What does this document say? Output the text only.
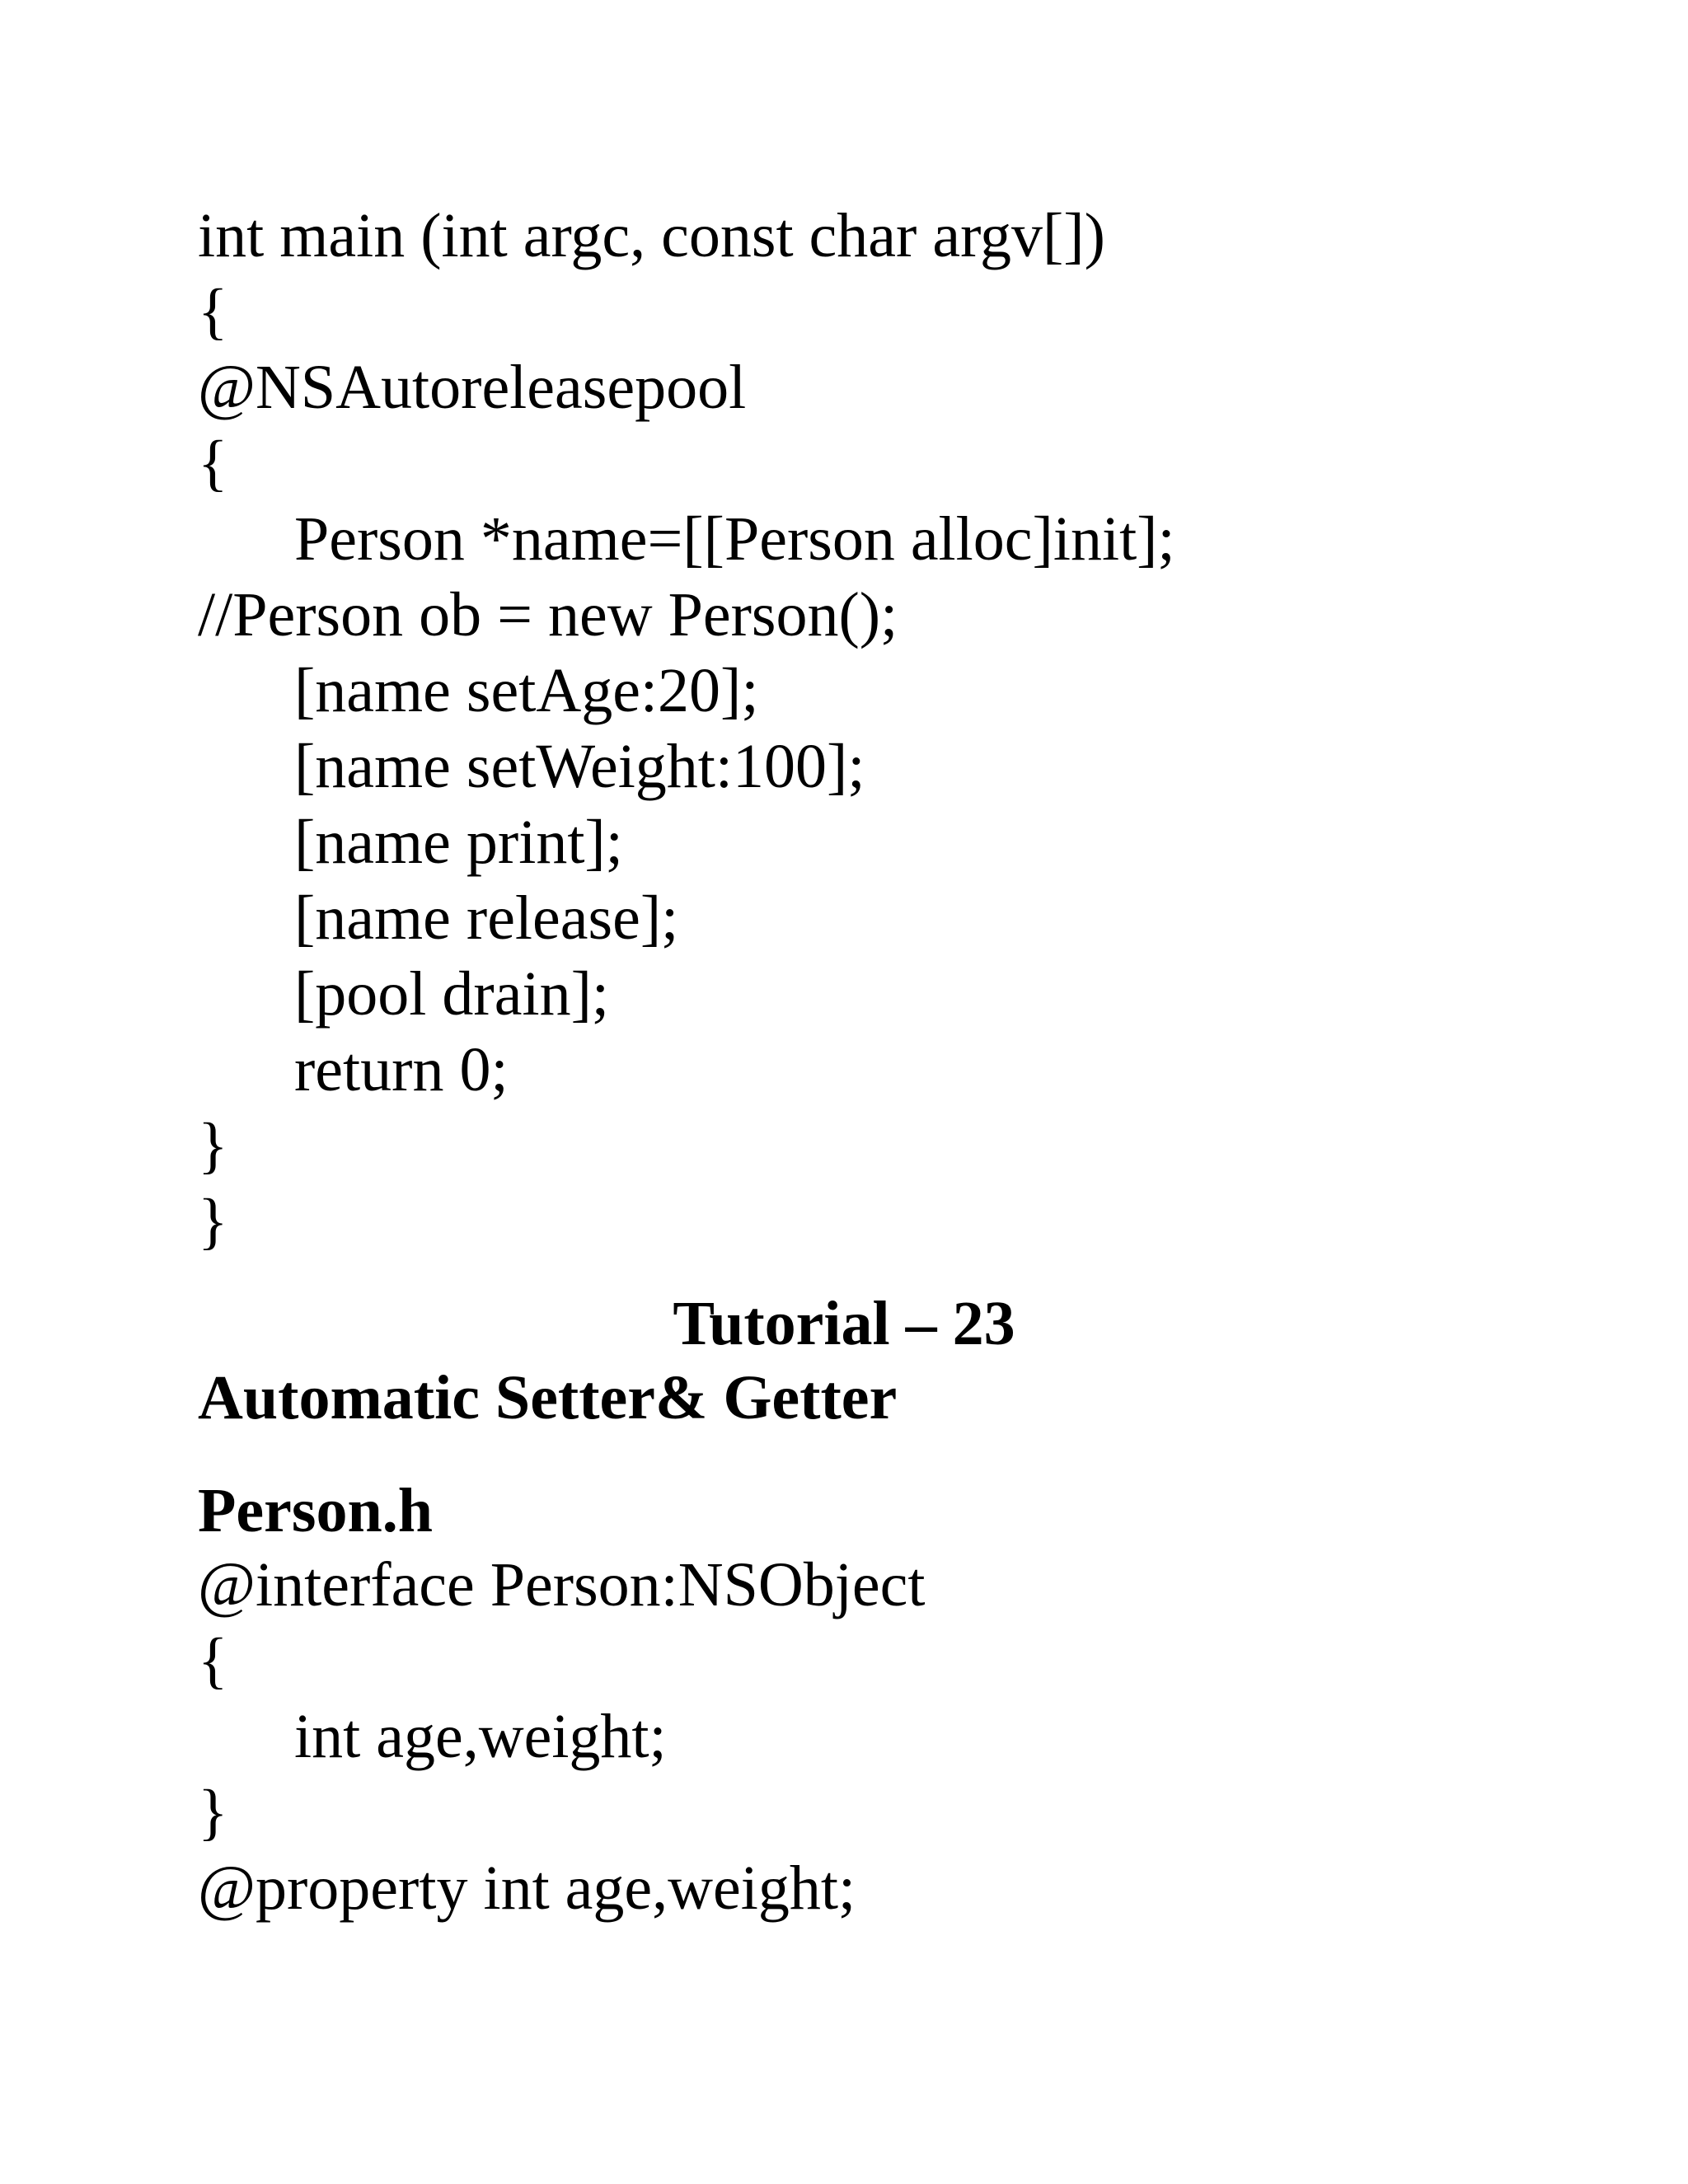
int main (int argc, const char argv[])
{
@NSAutoreleasepool
{
Person *name=[[Person alloc]init];
//Person ob = new Person();
[name setAge:20];
[name setWeight:100];
[name print];
[name release];
[pool drain];
return 0;
}
}
Tutorial – 23
Automatic Setter& Getter
Person.h
@interface Person:NSObject
{
int age,weight;
}
@property int age,weight;
